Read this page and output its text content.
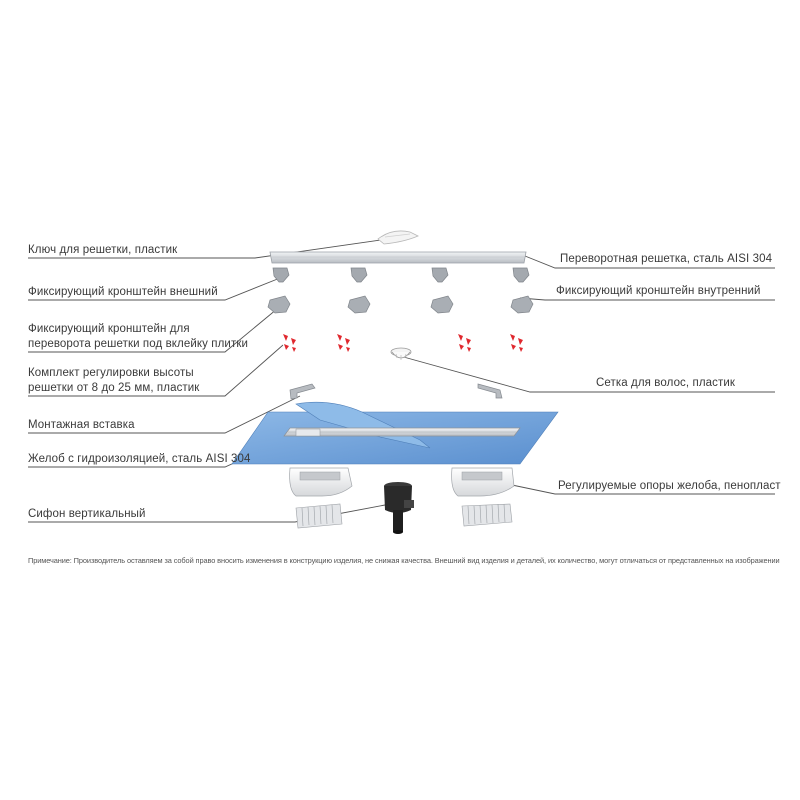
Ключ для решетки, пластик
Фиксирующий кронштейн внешний
Фиксирующий кронштейн для
переворота решетки под вклейку плитки
Комплект регулировки высоты
решетки от 8 до 25 мм, пластик
Монтажная вставка
Желоб с гидроизоляцией, сталь AISI 304
Сифон вертикальный
Переворотная решетка, сталь AISI 304
Фиксирующий кронштейн внутренний
Сетка для волос, пластик
Регулируемые опоры желоба, пенопласт
Примечание: Производитель оставляем за собой право вносить изменения в конструкцию изделия, не снижая качества. Внешний вид изделия и деталей, их количество, могут отличаться от представленных на изображении
